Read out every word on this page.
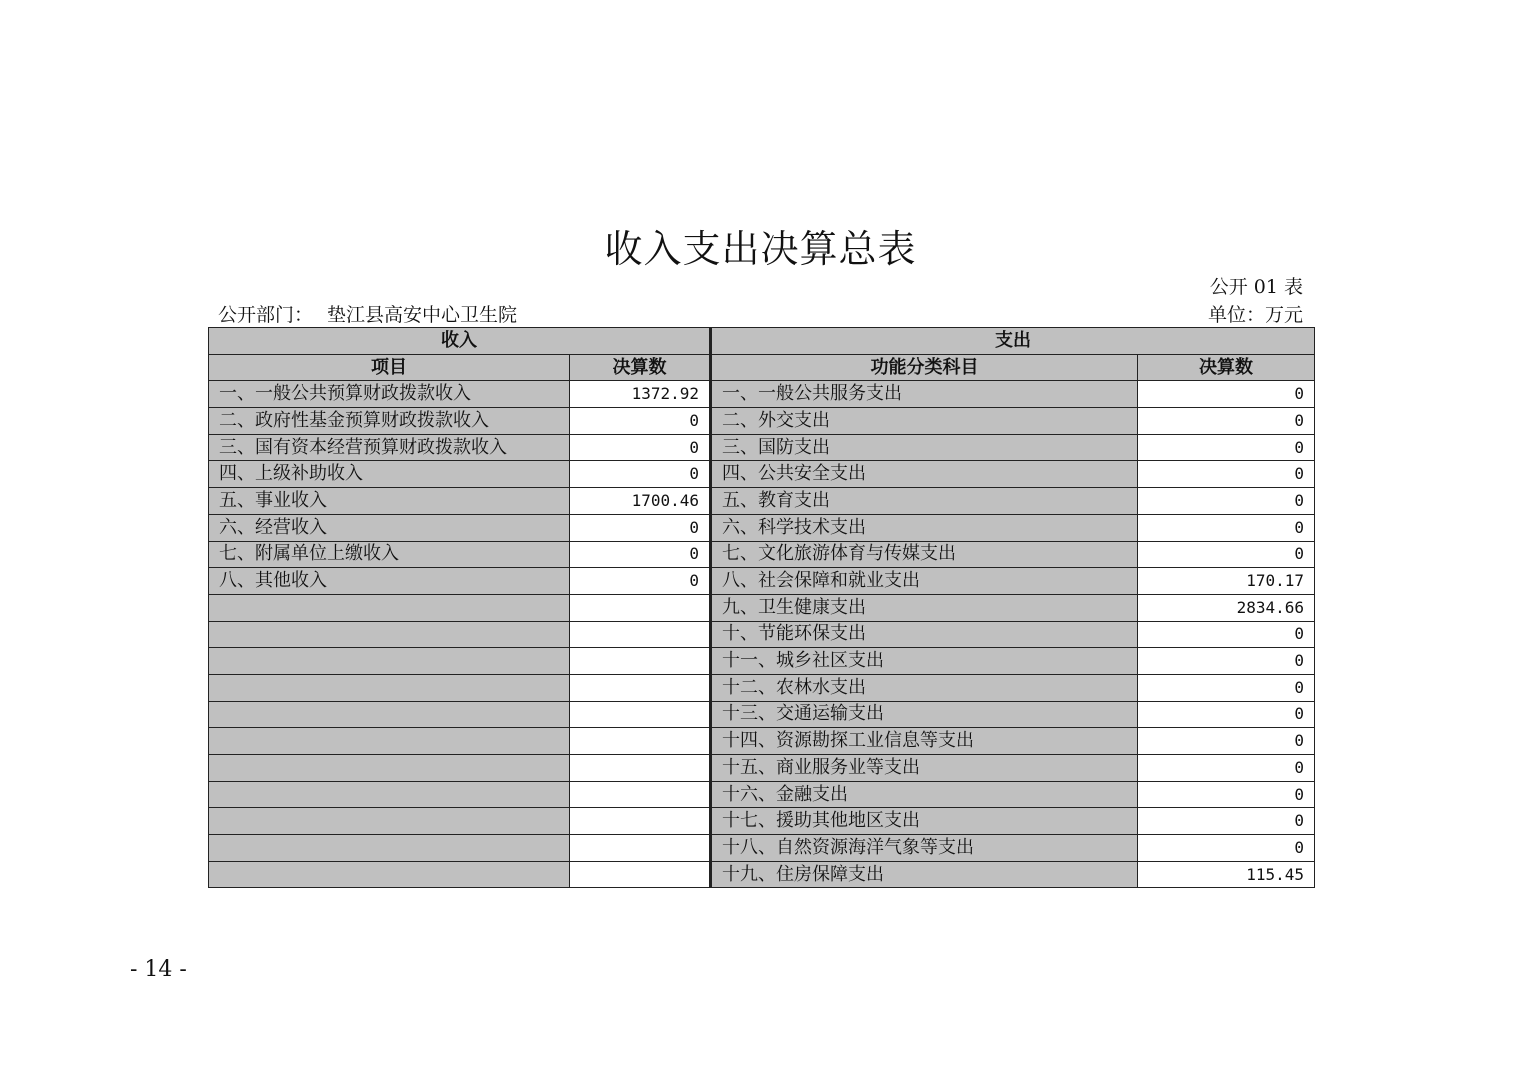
收入支出决算总表
公开 01 表
公开部门： 垫江县高安中心卫生院	单位：万元
收入		支出	
项目	决算数	功能分类科目	决算数
一、一般公共预算财政拨款收入	1372.92	一、一般公共服务支出	0
二、政府性基金预算财政拨款收入	0	二、外交支出	0
三、国有资本经营预算财政拨款收入	0	三、国防支出	0
四、上级补助收入	0	四、公共安全支出	0
五、事业收入	1700.46	五、教育支出	0
六、经营收入	0	六、科学技术支出	0
七、附属单位上缴收入	0	七、文化旅游体育与传媒支出	0
八、其他收入	0	八、社会保障和就业支出	170.17
		九、卫生健康支出	2834.66
		十、节能环保支出	0
		十一、城乡社区支出	0
		十二、农林水支出	0
		十三、交通运输支出	0
		十四、资源勘探工业信息等支出	0
		十五、商业服务业等支出	0
		十六、金融支出	0
		十七、援助其他地区支出	0
		十八、自然资源海洋气象等支出	0
		十九、住房保障支出	115.45
- 14 -
